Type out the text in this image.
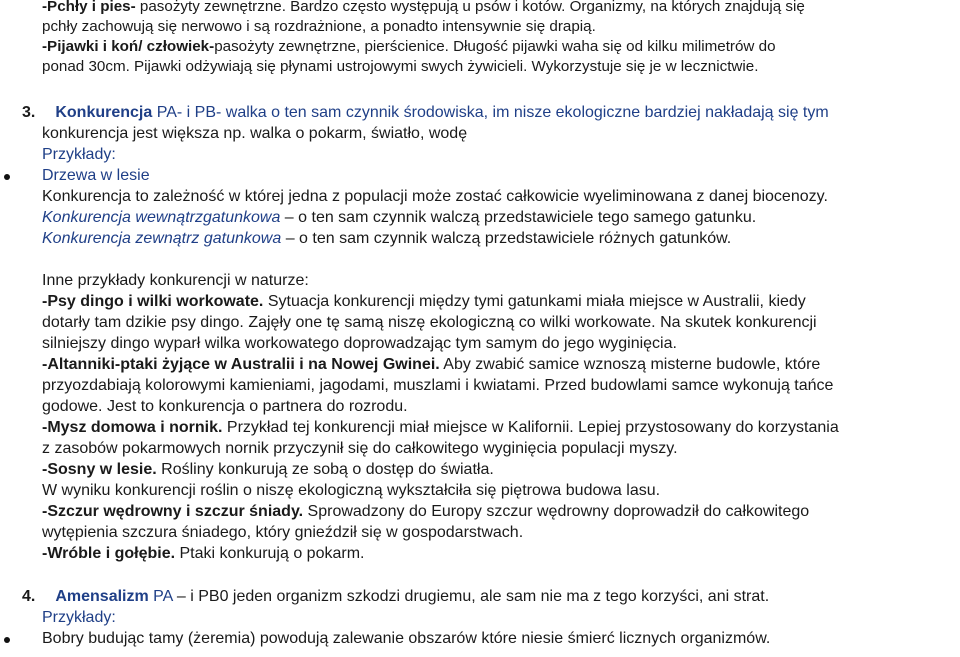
-Pchły i pies- pasożyty zewnętrzne. Bardzo często występują u psów i kotów. Organizmy, na których znajdują się
pchły zachowują się nerwowo i są rozdrażnione, a ponadto intensywnie się drapią.
-Pijawki i koń/ człowiek-pasożyty zewnętrzne, pierścienice. Długość pijawki waha się od kilku milimetrów do
ponad 30cm. Pijawki odżywiają się płynami ustrojowymi swych żywicieli. Wykorzystuje się je w lecznictwie.
3. Konkurencja PA- i PB- walka o ten sam czynnik środowiska, im nisze ekologiczne bardziej nakładają się tym
konkurencja jest większa np. walka o pokarm, światło, wodę
Przykłady:
Drzewa w lesie
Konkurencja to zależność w której jedna z populacji może zostać całkowicie wyeliminowana z danej biocenozy.
Konkurencja wewnątrzgatunkowa – o ten sam czynnik walczą przedstawiciele tego samego gatunku.
Konkurencja zewnątrz gatunkowa – o ten sam czynnik walczą przedstawiciele różnych gatunków.
Inne przykłady konkurencji w naturze:
-Psy dingo i wilki workowate. Sytuacja konkurencji między tymi gatunkami miała miejsce w Australii, kiedy
dotarły tam dzikie psy dingo. Zajęły one tę samą niszę ekologiczną co wilki workowate. Na skutek konkurencji
silniejszy dingo wyparł wilka workowatego doprowadzając tym samym do jego wyginięcia.
-Altanniki-ptaki żyjące w Australii i na Nowej Gwinei. Aby zwabić samice wznoszą misterne budowle, które
przyozdabiają kolorowymi kamieniami, jagodami, muszlami i kwiatami. Przed budowlami samce wykonują tańce
godowe. Jest to konkurencja o partnera do rozrodu.
-Mysz domowa i nornik. Przykład tej konkurencji miał miejsce w Kalifornii. Lepiej przystosowany do korzystania
z zasobów pokarmowych nornik przyczynił się do całkowitego wyginięcia populacji myszy.
-Sosny w lesie. Rośliny konkurują ze sobą o dostęp do światła.
W wyniku konkurencji roślin o niszę ekologiczną wykształciła się piętrowa budowa lasu.
-Szczur wędrowny i szczur śniady. Sprowadzony do Europy szczur wędrowny doprowadził do całkowitego
wytępienia szczura śniadego, który gnieździł się w gospodarstwach.
-Wróble i gołębie. Ptaki konkurują o pokarm.
4. Amensalizm PA – i PB0 jeden organizm szkodzi drugiemu, ale sam nie ma z tego korzyści, ani strat.
Przykłady:
Bobry budując tamy (żeremia) powodują zalewanie obszarów które niesie śmierć licznych organizmów.
